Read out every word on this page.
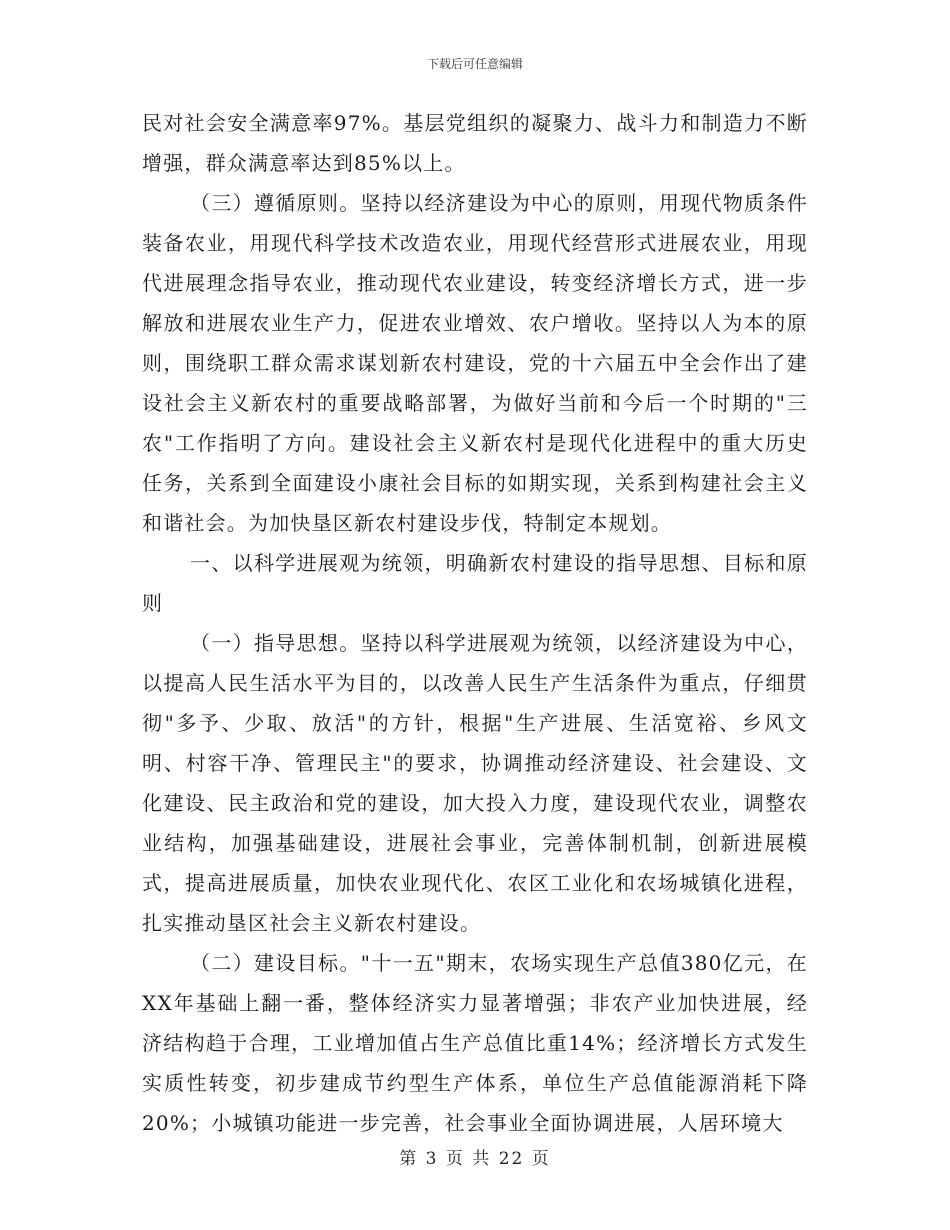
下载后可任意编辑

民对社会安全满意率97%。基层党组织的凝聚力、战斗力和制造力不断增强，群众满意率达到85%以上。

（三）遵循原则。坚持以经济建设为中心的原则，用现代物质条件装备农业，用现代科学技术改造农业，用现代经营形式进展农业，用现代进展理念指导农业，推动现代农业建设，转变经济增长方式，进一步解放和进展农业生产力，促进农业增效、农户增收。坚持以人为本的原则，围绕职工群众需求谋划新农村建设，党的十六届五中全会作出了建设社会主义新农村的重要战略部署，为做好当前和今后一个时期的"三农"工作指明了方向。建设社会主义新农村是现代化进程中的重大历史任务，关系到全面建设小康社会目标的如期实现，关系到构建社会主义和谐社会。为加快垦区新农村建设步伐，特制定本规划。

一、以科学进展观为统领，明确新农村建设的指导思想、目标和原则

（一）指导思想。坚持以科学进展观为统领，以经济建设为中心，以提高人民生活水平为目的，以改善人民生产生活条件为重点，仔细贯彻"多予、少取、放活"的方针，根据"生产进展、生活宽裕、乡风文明、村容干净、管理民主"的要求，协调推动经济建设、社会建设、文化建设、民主政治和党的建设，加大投入力度，建设现代农业，调整农业结构，加强基础建设，进展社会事业，完善体制机制，创新进展模式，提高进展质量，加快农业现代化、农区工业化和农场城镇化进程，扎实推动垦区社会主义新农村建设。

（二）建设目标。"十一五"期末，农场实现生产总值380亿元，在XX年基础上翻一番，整体经济实力显著增强；非农产业加快进展，经济结构趋于合理，工业增加值占生产总值比重14%；经济增长方式发生实质性转变，初步建成节约型生产体系，单位生产总值能源消耗下降20%；小城镇功能进一步完善，社会事业全面协调进展，人居环境大

第 3 页 共 22 页
